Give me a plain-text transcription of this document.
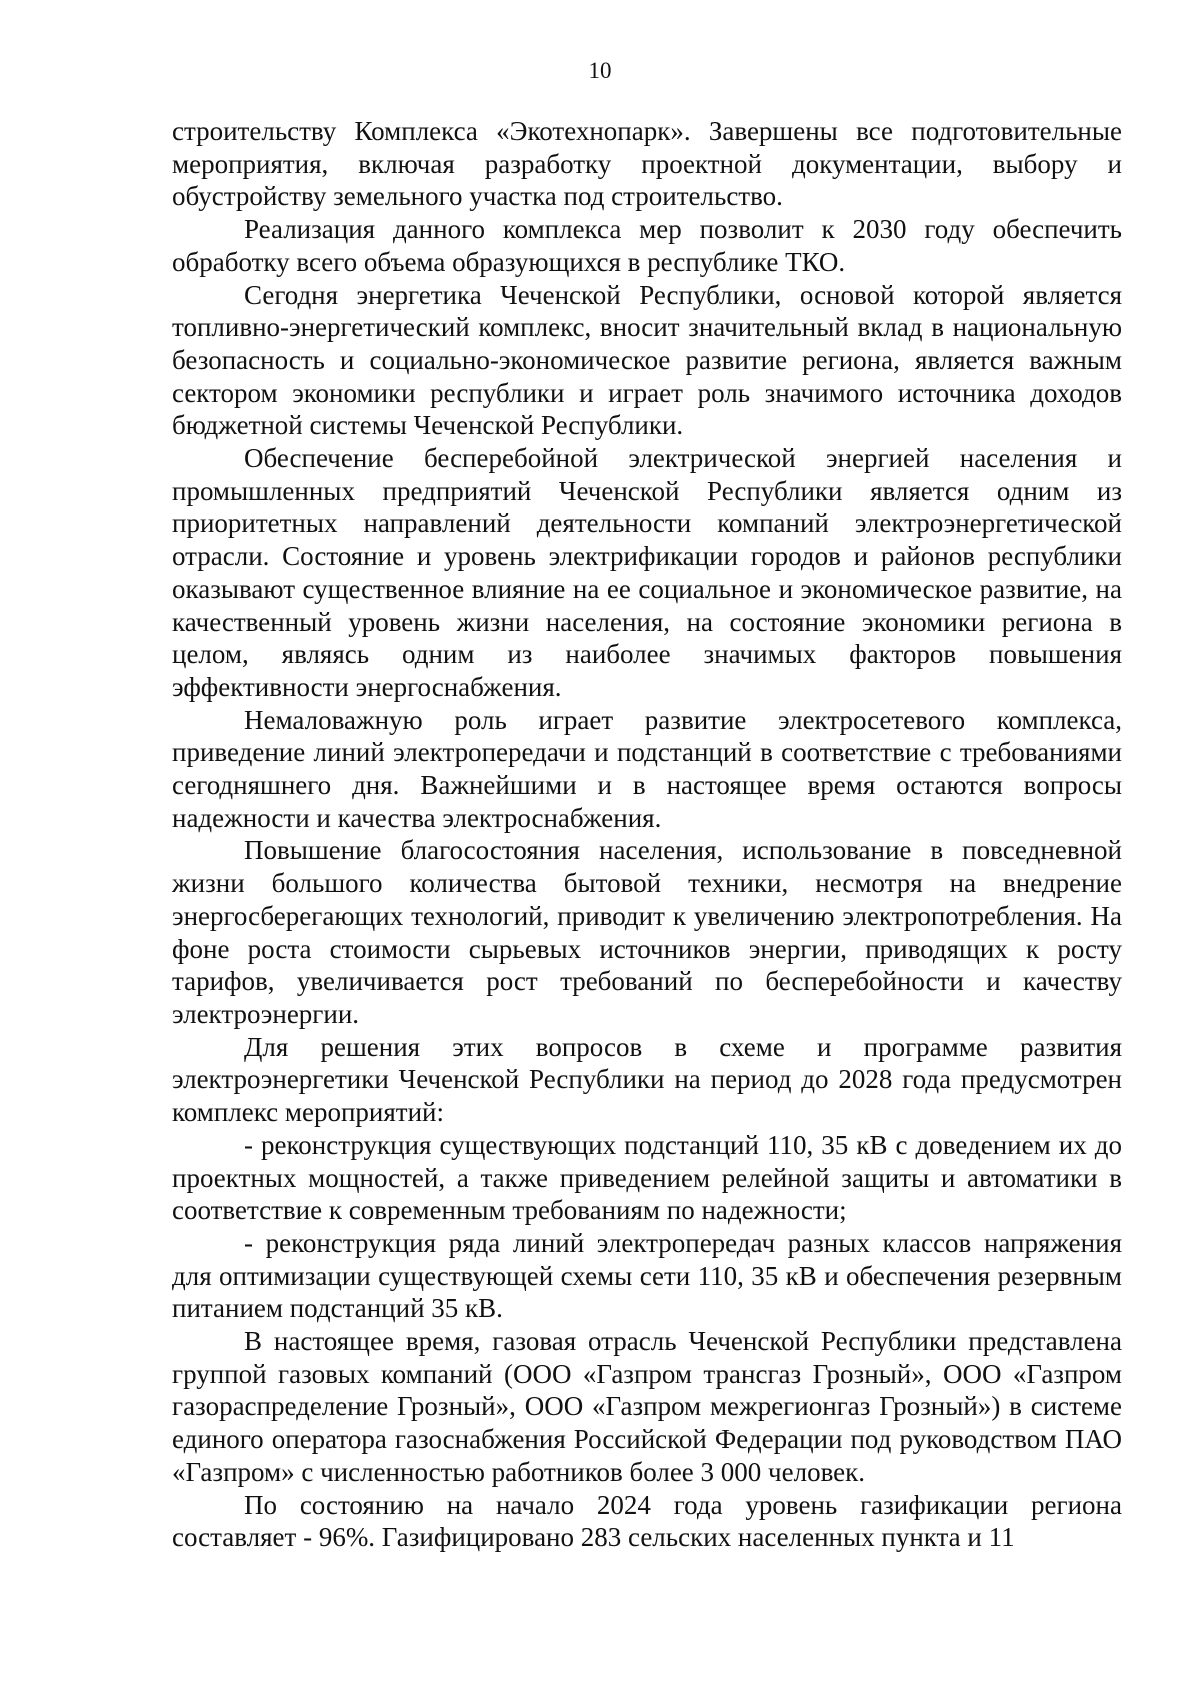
10

строительству Комплекса «Экотехнопарк». Завершены все подготовительные мероприятия, включая разработку проектной документации, выбору и обустройству земельного участка под строительство.

Реализация данного комплекса мер позволит к 2030 году обеспечить обработку всего объема образующихся в республике ТКО.

Сегодня энергетика Чеченской Республики, основой которой является топливно-энергетический комплекс, вносит значительный вклад в национальную безопасность и социально-экономическое развитие региона, является важным сектором экономики республики и играет роль значимого источника доходов бюджетной системы Чеченской Республики.

Обеспечение бесперебойной электрической энергией населения и промышленных предприятий Чеченской Республики является одним из приоритетных направлений деятельности компаний электроэнергетической отрасли. Состояние и уровень электрификации городов и районов республики оказывают существенное влияние на ее социальное и экономическое развитие, на качественный уровень жизни населения, на состояние экономики региона в целом, являясь одним из наиболее значимых факторов повышения эффективности энергоснабжения.

Немаловажную роль играет развитие электросетевого комплекса, приведение линий электропередачи и подстанций в соответствие с требованиями сегодняшнего дня. Важнейшими и в настоящее время остаются вопросы надежности и качества электроснабжения.

Повышение благосостояния населения, использование в повседневной жизни большого количества бытовой техники, несмотря на внедрение энергосберегающих технологий, приводит к увеличению электропотребления. На фоне роста стоимости сырьевых источников энергии, приводящих к росту тарифов, увеличивается рост требований по бесперебойности и качеству электроэнергии.

Для решения этих вопросов в схеме и программе развития электроэнергетики Чеченской Республики на период до 2028 года предусмотрен комплекс мероприятий:

- реконструкция существующих подстанций 110, 35 кВ с доведением их до проектных мощностей, а также приведением релейной защиты и автоматики в соответствие к современным требованиям по надежности;

- реконструкция ряда линий электропередач разных классов напряжения для оптимизации существующей схемы сети 110, 35 кВ и обеспечения резервным питанием подстанций 35 кВ.

В настоящее время, газовая отрасль Чеченской Республики представлена группой газовых компаний (ООО «Газпром трансгаз Грозный», ООО «Газпром газораспределение Грозный», ООО «Газпром межрегионгаз Грозный») в системе единого оператора газоснабжения Российской Федерации под руководством ПАО «Газпром» с численностью работников более 3 000 человек.

По состоянию на начало 2024 года уровень газификации региона составляет - 96%. Газифицировано 283 сельских населенных пункта и 11
